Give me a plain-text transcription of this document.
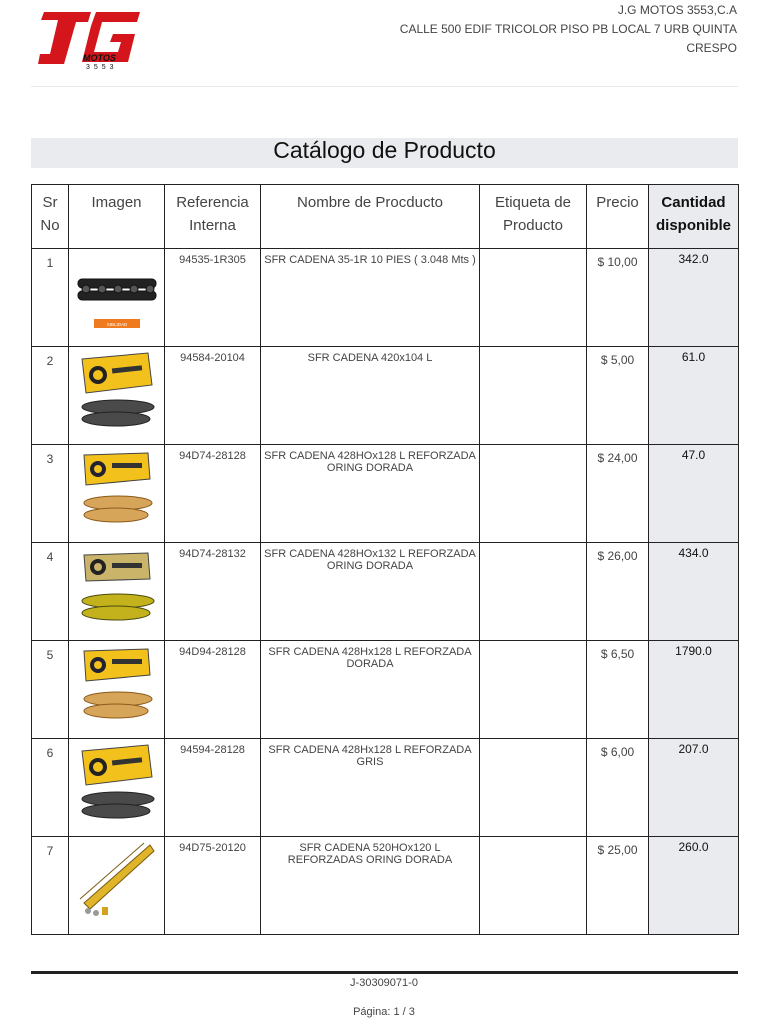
MOTOS
3553
J.G MOTOS 3553,C.A
CALLE 500 EDIF TRICOLOR PISO PB LOCAL 7 URB QUINTA CRESPO
Catálogo de Producto
Sr No	Imagen	Referencia Interna	Nombre de Procducto	Etiqueta de Producto	Precio	Cantidad disponible
1	SIBLIDAD	94535-1R305	SFR CADENA 35-1R 10 PIES ( 3.048 Mts )		$ 10,00	342.0
2		94584-20104	SFR CADENA 420x104 L		$ 5,00	61.0
3		94D74-28128	SFR CADENA 428HOx128 L REFORZADA ORING DORADA		$ 24,00	47.0
4		94D74-28132	SFR CADENA 428HOx132 L REFORZADA ORING DORADA		$ 26,00	434.0
5		94D94-28128	SFR CADENA 428Hx128 L REFORZADA DORADA		$ 6,50	1790.0
6		94594-28128	SFR CADENA 428Hx128 L REFORZADA GRIS		$ 6,00	207.0
7		94D75-20120	SFR CADENA 520HOx120 L REFORZADAS ORING DORADA		$ 25,00	260.0
J-30309071-0
Página: 1 / 3
